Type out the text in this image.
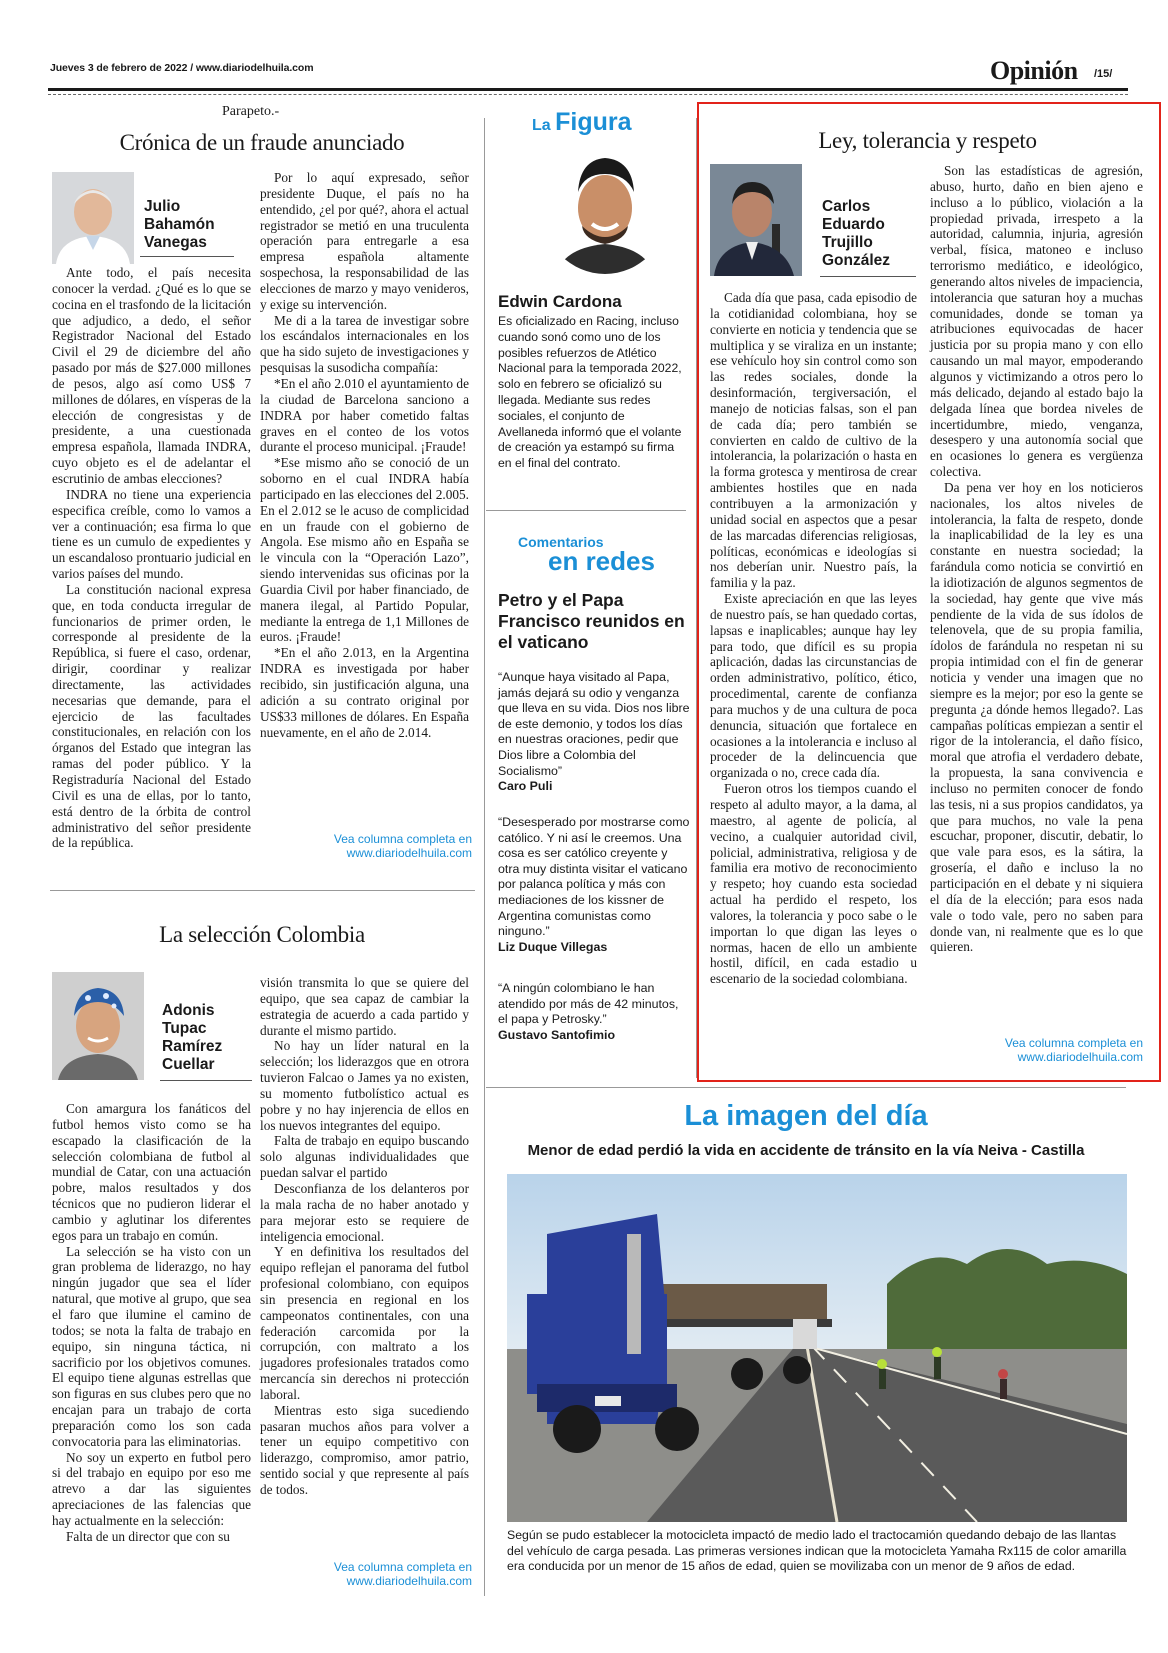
Jueves 3 de febrero de 2022 / www.diariodelhuila.com	Opinión /15/
Parapeto.-
Crónica de un fraude anunciado
Julio
Bahamón
Vanegas

Ante todo, el país necesita conocer la verdad. ¿Qué es lo que se cocina en el trasfondo de la licitación que adjudico, a dedo, el señor Registrador Nacional del Estado Civil el 29 de diciembre del año pasado por más de $27.000 millones de pesos, algo así como US$ 7 millones de dólares, en vísperas de la elección de congresistas y de presidente, a una cuestionada empresa española, llamada INDRA, cuyo objeto es el de adelantar el escrutinio de ambas elecciones?

INDRA no tiene una experiencia especifica creíble, como lo vamos a ver a continuación; esa firma lo que tiene es un cumulo de expedientes y un escandaloso prontuario judicial en varios países del mundo.

La constitución nacional expresa que, en toda conducta irregular de funcionarios de primer orden, le corresponde al presidente de la República, si fuere el caso, ordenar, dirigir, coordinar y realizar directamente, las actividades necesarias que demande, para el ejercicio de las facultades constitucionales, en relación con los órganos del Estado que integran las ramas del poder público. Y la Registraduría Nacional del Estado Civil es una de ellas, por lo tanto, está dentro de la órbita de control administrativo del señor presidente de la república.

Por lo aquí expresado, señor presidente Duque, el país no ha entendido, ¿el por qué?, ahora el actual registrador se metió en una truculenta operación para entregarle a esa empresa española altamente sospechosa, la responsabilidad de las elecciones de marzo y mayo venideros, y exige su intervención.

Me di a la tarea de investigar sobre los escándalos internacionales en los que ha sido sujeto de investigaciones y pesquisas la susodicha compañía:

*En el año 2.010 el ayuntamiento de la ciudad de Barcelona sanciono a INDRA por haber cometido faltas graves en el conteo de los votos durante el proceso municipal. ¡Fraude!

*Ese mismo año se conoció de un soborno en el cual INDRA había participado en las elecciones del 2.005. En el 2.012 se le acuso de complicidad en un fraude con el gobierno de Angola. Ese mismo año en España se le vincula con la “Operación Lazo”, siendo intervenidas sus oficinas por la Guardia Civil por haber financiado, de manera ilegal, al Partido Popular, mediante la entrega de 1,1 Millones de euros. ¡Fraude!

*En el año 2.013, en la Argentina INDRA es investigada por haber recibido, sin justificación alguna, una adición a su contrato original por US$33 millones de dólares. En España nuevamente, en el año de 2.014.

Vea columna completa en
www.diariodelhuila.com
La selección Colombia
Adonis
Tupac
Ramírez
Cuellar

Con amargura los fanáticos del futbol hemos visto como se ha escapado la clasificación de la selección colombiana de futbol al mundial de Catar, con una actuación pobre, malos resultados y dos técnicos que no pudieron liderar el cambio y aglutinar los diferentes egos para un trabajo en común.

La selección se ha visto con un gran problema de liderazgo, no hay ningún jugador que sea el líder natural, que motive al grupo, que sea el faro que ilumine el camino de todos; se nota la falta de trabajo en equipo, sin ninguna táctica, ni sacrificio por los objetivos comunes. El equipo tiene algunas estrellas que son figuras en sus clubes pero que no encajan para un trabajo de corta preparación como los son cada convocatoria para las eliminatorias.

No soy un experto en futbol pero si del trabajo en equipo por eso me atrevo a dar las siguientes apreciaciones de las falencias que hay actualmente en la selección:

Falta de un director que con su

visión transmita lo que se quiere del equipo, que sea capaz de cambiar la estrategia de acuerdo a cada partido y durante el mismo partido.

No hay un líder natural en la selección; los liderazgos que en otrora tuvieron Falcao o James ya no existen, su momento futbolístico actual es pobre y no hay injerencia de ellos en los nuevos integrantes del equipo.

Falta de trabajo en equipo buscando solo algunas individualidades que puedan salvar el partido

Desconfianza de los delanteros por la mala racha de no haber anotado y para mejorar esto se requiere de inteligencia emocional.

Y en definitiva los resultados del equipo reflejan el panorama del futbol profesional colombiano, con equipos sin presencia en regional en los campeonatos continentales, con una federación carcomida por la corrupción, con maltrato a los jugadores profesionales tratados como mercancía sin derechos ni protección laboral.

Mientras esto siga sucediendo pasaran muchos años para volver a tener un equipo competitivo con liderazgo, compromiso, amor patrio, sentido social y que represente al país de todos.

Vea columna completa en
www.diariodelhuila.com
La Figura
Edwin Cardona
Es oficializado en Racing, incluso cuando sonó como uno de los posibles refuerzos de Atlético Nacional para la temporada 2022, solo en febrero se oficializó su llegada. Mediante sus redes sociales, el conjunto de Avellaneda informó que el volante de creación ya estampó su firma en el final del contrato.
Comentarios
en redes
Petro y el Papa Francisco reunidos en el vaticano
“Aunque haya visitado al Papa, jamás dejará su odio y venganza que lleva en su vida. Dios nos libre de este demonio, y todos los días en nuestras oraciones, pedir que Dios libre a Colombia del Socialismo”
Caro Puli
“Desesperado por mostrarse como católico. Y ni así le creemos. Una cosa es ser católico creyente y otra muy distinta visitar el vaticano por palanca política y más con mediaciones de los kissner de Argentina comunistas como ninguno.”
Liz Duque Villegas
“A ningún colombiano le han atendido por más de 42 minutos, el papa y Petrosky.”
Gustavo Santofimio
Ley, tolerancia y respeto
Carlos
Eduardo
Trujillo
González

Cada día que pasa, cada episodio de la cotidianidad colombiana, hoy se convierte en noticia y tendencia que se multiplica y se viraliza en un instante; ese vehículo hoy sin control como son las redes sociales, donde la desinformación, tergiversación, el manejo de noticias falsas, son el pan de cada día; pero también se convierten en caldo de cultivo de la intolerancia, la polarización o hasta en la forma grotesca y mentirosa de crear ambientes hostiles que en nada contribuyen a la armonización y unidad social en aspectos que a pesar de las marcadas diferencias religiosas, políticas, económicas e ideologías si nos deberían unir. Nuestro país, la familia y la paz.

Existe apreciación en que las leyes de nuestro país, se han quedado cortas, lapsas e inaplicables; aunque hay ley para todo, que difícil es su propia aplicación, dadas las circunstancias de orden administrativo, político, ético, procedimental, carente de confianza para muchos y de una cultura de poca denuncia, situación que fortalece en ocasiones a la intolerancia e incluso al proceder de la delincuencia que organizada o no, crece cada día.

Fueron otros los tiempos cuando el respeto al adulto mayor, a la dama, al maestro, al agente de policía, al vecino, a cualquier autoridad civil, policial, administrativa, religiosa y de familia era motivo de reconocimiento y respeto; hoy cuando esta sociedad actual ha perdido el respeto, los valores, la tolerancia y poco sabe o le importan lo que digan las leyes o normas, hacen de ello un ambiente hostil, difícil, en cada estadio u escenario de la sociedad colombiana.

Son las estadísticas de agresión, abuso, hurto, daño en bien ajeno e incluso a lo público, violación a la propiedad privada, irrespeto a la autoridad, calumnia, injuria, agresión verbal, física, matoneo e incluso terrorismo mediático, e ideológico, generando altos niveles de impaciencia, intolerancia que saturan hoy a muchas comunidades, donde se toman ya atribuciones equivocadas de hacer justicia por su propia mano y con ello causando un mal mayor, empoderando algunos y victimizando a otros pero lo más delicado, dejando al estado bajo la delgada línea que bordea niveles de incertidumbre, miedo, venganza, desespero y una autonomía social que en ocasiones lo genera es vergüenza colectiva.

Da pena ver hoy en los noticieros nacionales, los altos niveles de intolerancia, la falta de respeto, donde la inaplicabilidad de la ley es una constante en nuestra sociedad; la farándula como noticia se convirtió en la idiotización de algunos segmentos de la sociedad, hay gente que vive más pendiente de la vida de sus ídolos de telenovela, que de su propia familia, ídolos de farándula no respetan ni su propia intimidad con el fin de generar noticia y vender una imagen que no siempre es la mejor; por eso la gente se pregunta ¿a dónde hemos llegado?. Las campañas políticas empiezan a sentir el rigor de la intolerancia, el daño físico, moral que atrofia el verdadero debate, la propuesta, la sana convivencia e incluso no permiten conocer de fondo las tesis, ni a sus propios candidatos, ya que para muchos, no vale la pena escuchar, proponer, discutir, debatir, lo que vale para esos, es la sátira, la grosería, el daño e incluso la no participación en el debate y ni siquiera el día de la elección; para esos nada vale o todo vale, pero no saben para donde van, ni realmente que es lo que quieren.

Vea columna completa en
www.diariodelhuila.com
La imagen del día
Menor de edad perdió la vida en accidente de tránsito en la vía Neiva - Castilla
Según se pudo establecer la motocicleta impactó de medio lado el tractocamión quedando debajo de las llantas del vehículo de carga pesada. Las primeras versiones indican que la motocicleta Yamaha Rx115 de color amarilla era conducida por un menor de 15 años de edad, quien se movilizaba con un menor de 9 años de edad.
